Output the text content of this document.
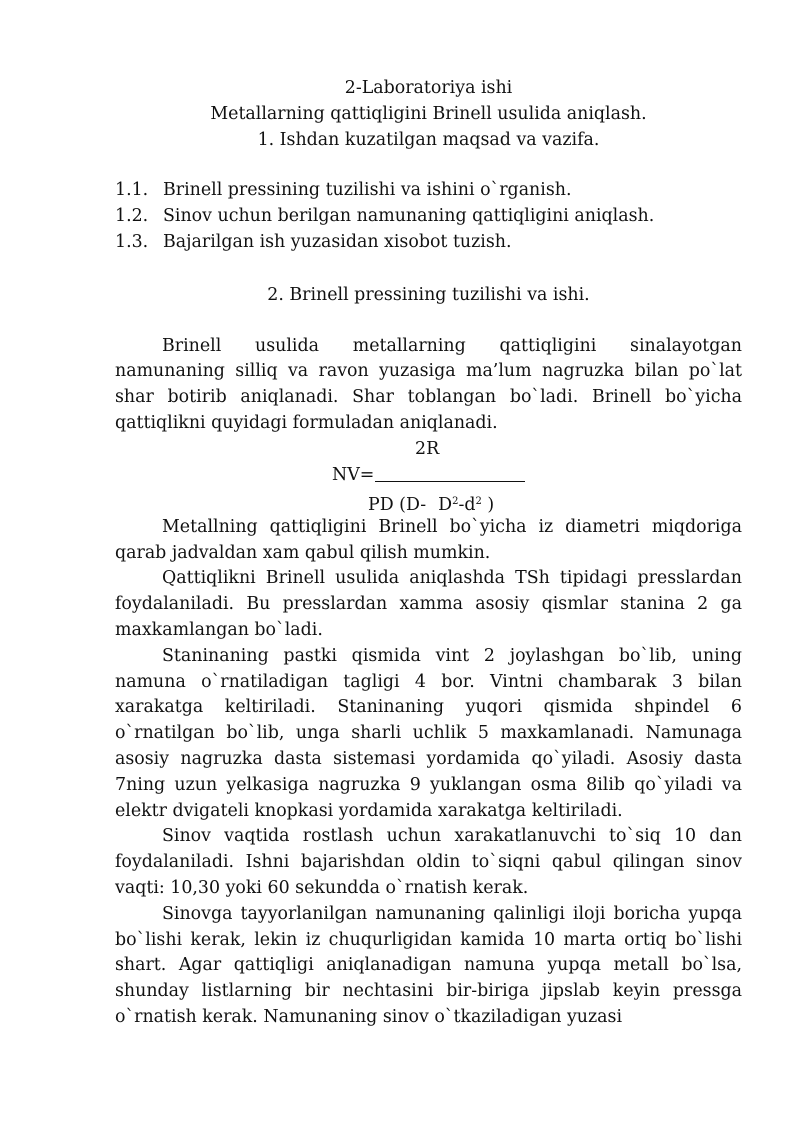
2-Laboratoriya ishi
Metallarning qattiqligini Brinell usulida aniqlash.
1. Ishdan kuzatilgan maqsad va vazifa.
1.1. Brinell pressining tuzilishi va ishini o`rganish.
1.2. Sinov uchun berilgan namunaning qattiqligini aniqlash.
1.3. Bajarilgan ish yuzasidan xisobot tuzish.
2. Brinell pressining tuzilishi va ishi.

Brinell usulida metallarning qattiqligini sinalayotgan namunaning silliq va ravon yuzasiga ma’lum nagruzka bilan po`lat shar botirib aniqlanadi. Shar toblangan bo`ladi. Brinell bo`yicha qattiqlikni quyidagi formuladan aniqlanadi.

2R
NV=
PD (D- $D^2-d^2$ )

Metallning qattiqligini Brinell bo`yicha iz diametri miqdoriga qarab jadvaldan xam qabul qilish mumkin.

Qattiqlikni Brinell usulida aniqlashda TSh tipidagi presslardan foydalaniladi. Bu presslardan xamma asosiy qismlar stanina 2 ga maxkamlangan bo`ladi.

Staninaning pastki qismida vint 2 joylashgan bo`lib, uning namuna o`rnatiladigan tagligi 4 bor. Vintni chambarak 3 bilan xarakatga keltiriladi. Staninaning yuqori qismida shpindel 6 o`rnatilgan bo`lib, unga sharli uchlik 5 maxkamlanadi. Namunaga asosiy nagruzka dasta sistemasi yordamida qo`yiladi. Asosiy dasta 7ning uzun yelkasiga nagruzka 9 yuklangan osma 8ilib qo`yiladi va elektr dvigateli knopkasi yordamida xarakatga keltiriladi.

Sinov vaqtida rostlash uchun xarakatlanuvchi to`siq 10 dan foydalaniladi. Ishni bajarishdan oldin to`siqni qabul qilingan sinov vaqti: 10,30 yoki 60 sekundda o`rnatish kerak.

Sinovga tayyorlanilgan namunaning qalinligi iloji boricha yupqa bo`lishi kerak, lekin iz chuqurligidan kamida 10 marta ortiq bo`lishi shart. Agar qattiqligi aniqlanadigan namuna yupqa metall bo`lsa, shunday listlarning bir nechtasini bir-biriga jipslab keyin pressga o`rnatish kerak. Namunaning sinov o`tkaziladigan yuzasi
